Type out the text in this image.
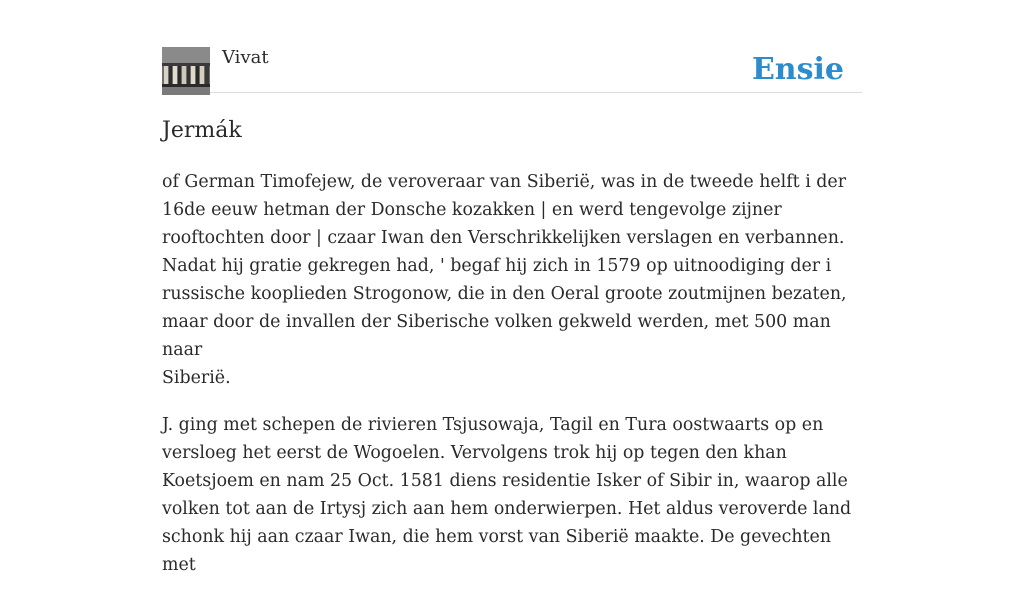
Vivat	Ensie
Jermák

of German Timofejew, de veroveraar van Siberië, was in de tweede helft i der
16de eeuw hetman der Donsche kozakken | en werd tengevolge zijner
rooftochten door | czaar Iwan den Verschrikkelijken verslagen en verbannen.
Nadat hij gratie gekregen had, ' begaf hij zich in 1579 op uitnoodiging der i
russische kooplieden Strogonow, die in den Oeral groote zoutmijnen bezaten,
maar door de invallen der Siberische volken gekweld werden, met 500 man naar
Siberië.

J. ging met schepen de rivieren Tsjusowaja, Tagil en Tura oostwaarts op en
versloeg het eerst de Wogoelen. Vervolgens trok hij op tegen den khan
Koetsjoem en nam 25 Oct. 1581 diens residentie Isker of Sibir in, waarop alle
volken tot aan de Irtysj zich aan hem onderwierpen. Het aldus veroverde land
schonk hij aan czaar Iwan, die hem vorst van Siberië maakte. De gevechten met
